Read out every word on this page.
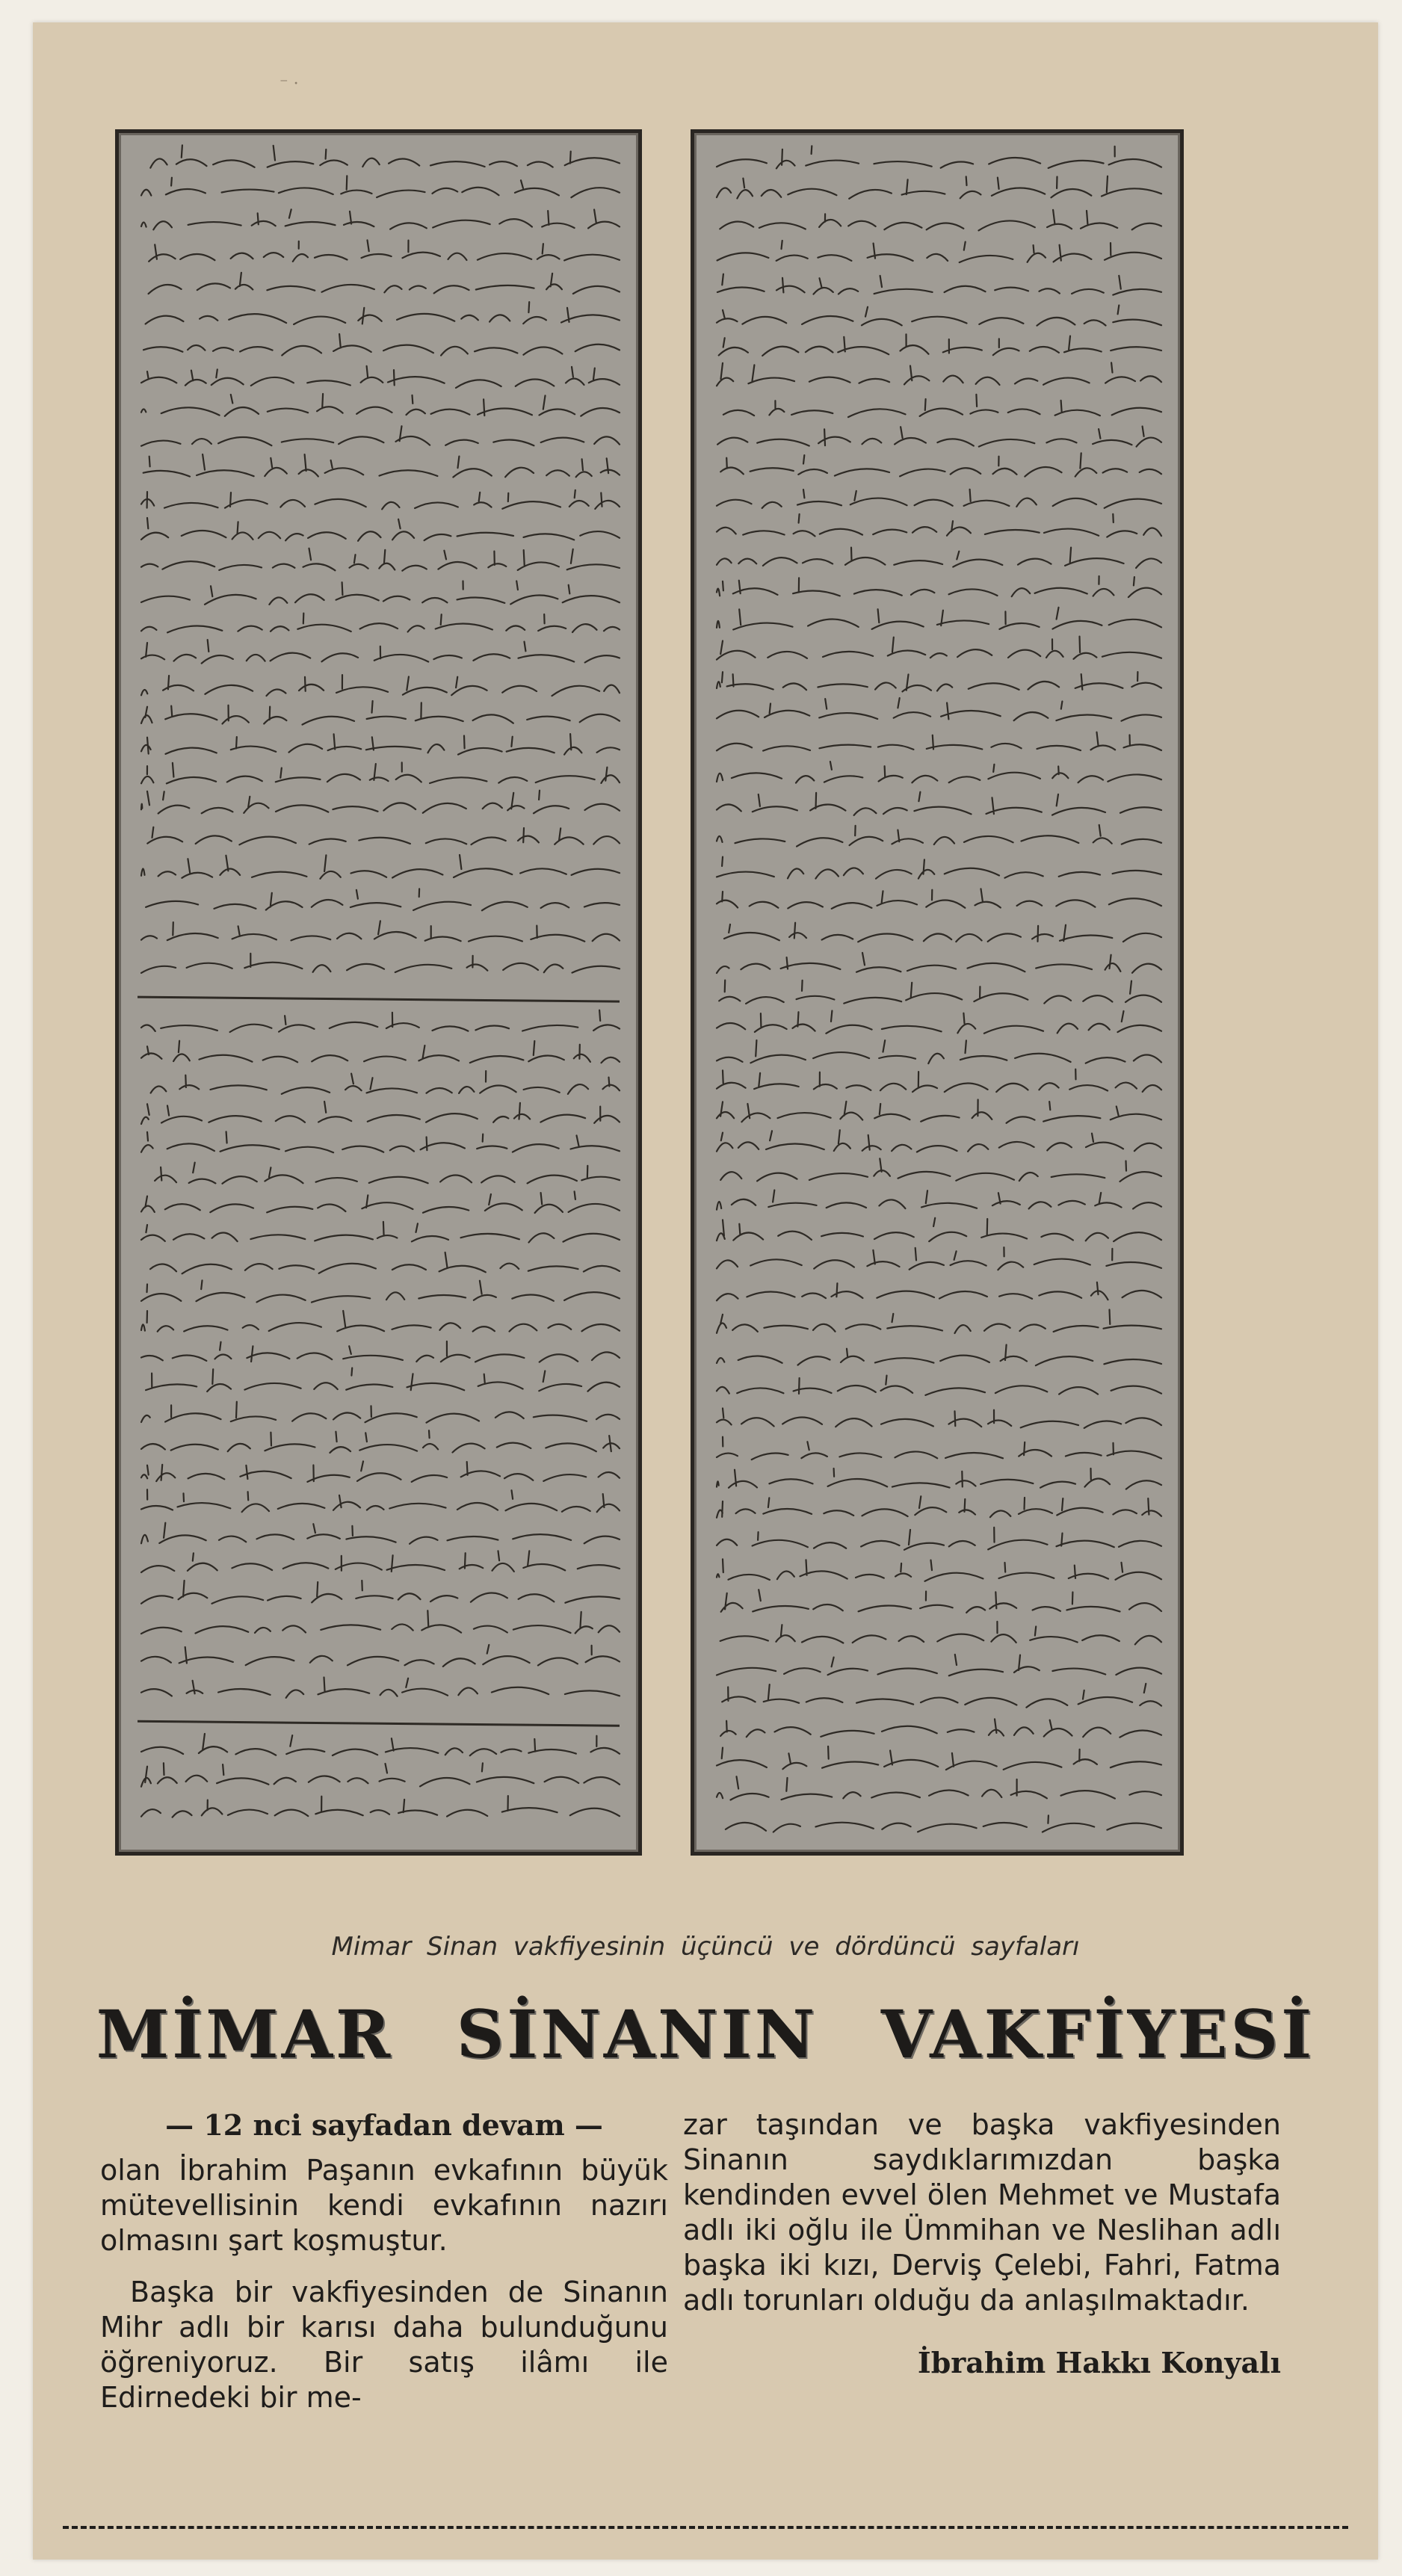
⁻ ·
Mimar Sinan vakfiyesinin üçüncü ve dördüncü sayfaları
MİMAR SİNANIN VAKFİYESİ
— 12 nci sayfadan devam —

olan İbrahim Paşanın evkafının büyük mütevellisinin kendi evkafının nazırı olmasını şart koşmuştur.

Başka bir vakfiyesinden de Sinanın Mihr adlı bir karısı daha bulunduğunu öğreniyoruz. Bir satış ilâmı ile Edirnedeki bir me-

zar taşından ve başka vakfiyesinden Sinanın saydıklarımızdan başka kendinden evvel ölen Mehmet ve Mustafa adlı iki oğlu ile Ümmihan ve Neslihan adlı başka iki kızı, Derviş Çelebi, Fahri, Fatma adlı torunları olduğu da anlaşılmaktadır.

İbrahim Hakkı Konyalı
